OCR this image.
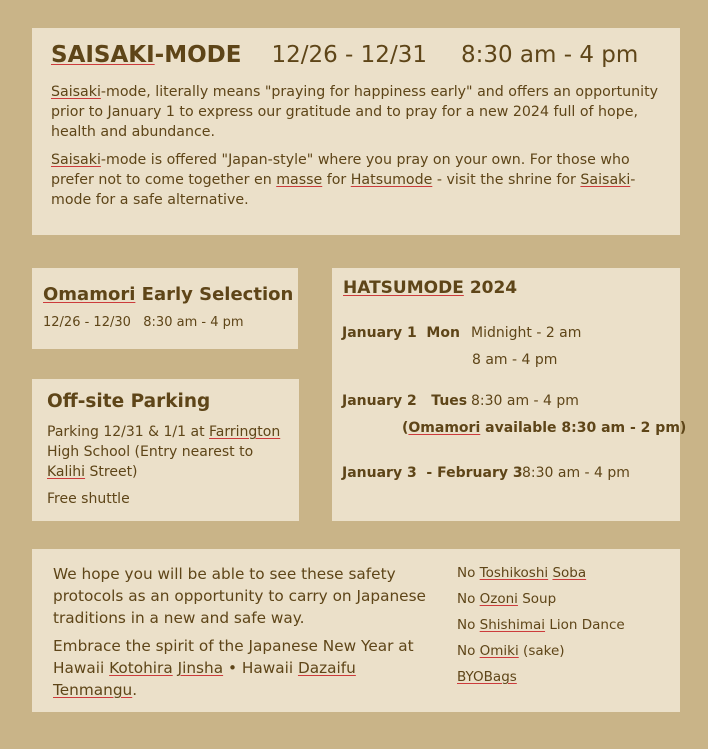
SAISAKI-MODE 12/26 - 12/31 8:30 am - 4 pm

Saisaki-mode, literally means "praying for happiness early" and offers an opportunity prior to January 1 to express our gratitude and to pray for a new 2024 full of hope, health and abundance.

Saisaki-mode is offered "Japan-style" where you pray on your own. For those who prefer not to come together en masse for Hatsumode - visit the shrine for Saisaki-mode for a safe alternative.

Omamori Early Selection
12/26 - 12/30   8:30 am - 4 pm
Off-site Parking
Parking 12/31 & 1/1 at Farrington High School (Entry nearest to Kalihi Street)
Free shuttle
HATSUMODE 2024
January 1  Mon Midnight - 2 am
8 am - 4 pm
January 2   Tues 8:30 am - 4 pm
(Omamori available 8:30 am - 2 pm)
January 3  - February 3 8:30 am - 4 pm

We hope you will be able to see these safety protocols as an opportunity to carry on Japanese traditions in a new and safe way.

Embrace the spirit of the Japanese New Year at Hawaii Kotohira Jinsha • Hawaii Dazaifu Tenmangu.

No Toshikoshi Soba
No Ozoni Soup
No Shishimai Lion Dance
No Omiki (sake)
BYOBags
